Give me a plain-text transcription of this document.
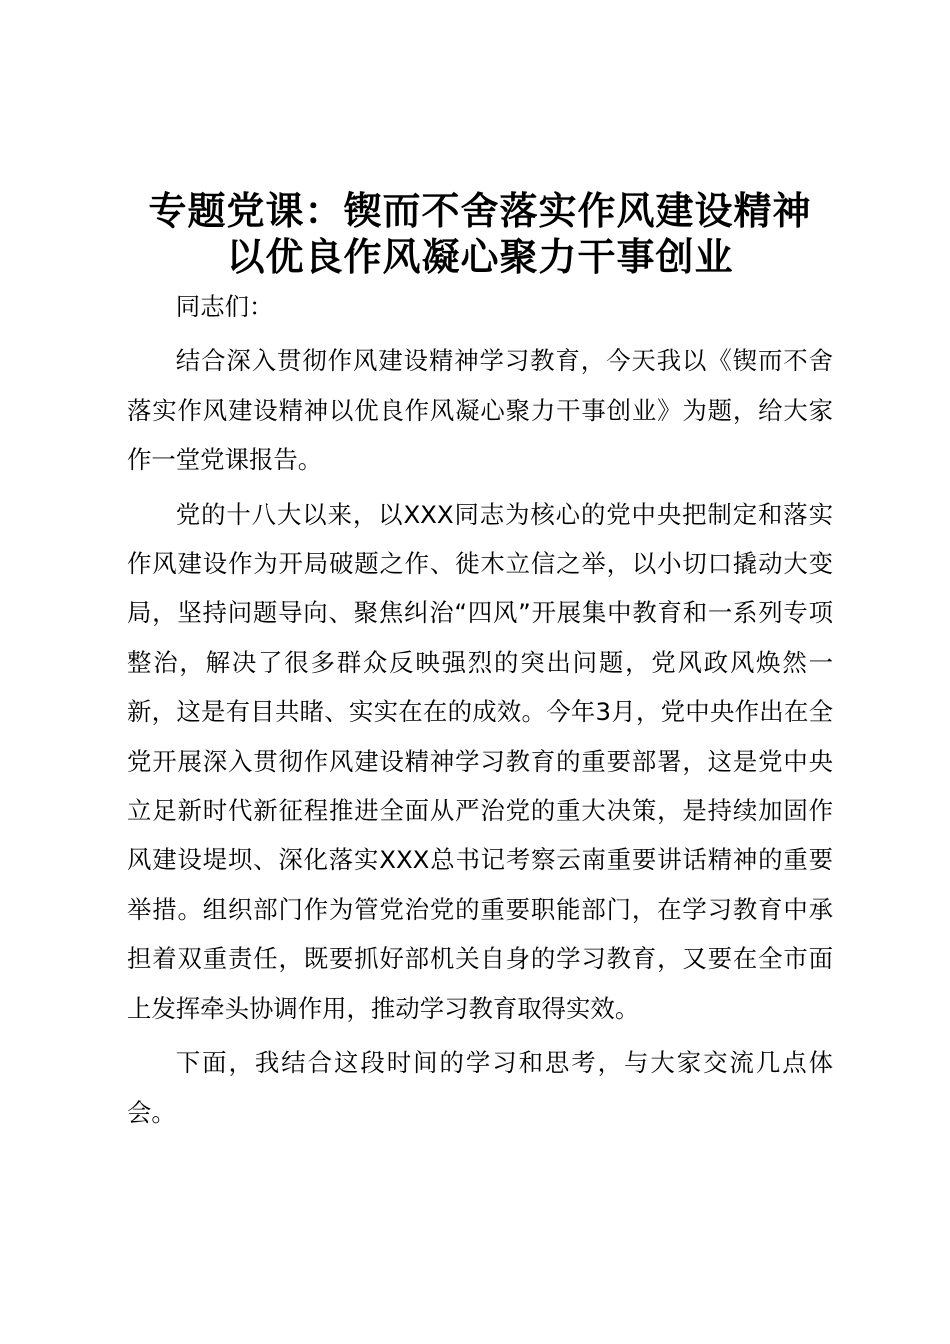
专题党课：锲而不舍落实作风建设精神
以优良作风凝心聚力干事创业

同志们：

结合深入贯彻作风建设精神学习教育，今天我以《锲而不舍落实作风建设精神以优良作风凝心聚力干事创业》为题，给大家作一堂党课报告。

党的十八大以来，以XXX同志为核心的党中央把制定和落实作风建设作为开局破题之作、徙木立信之举，以小切口撬动大变局，坚持问题导向、聚焦纠治“四风”开展集中教育和一系列专项整治，解决了很多群众反映强烈的突出问题，党风政风焕然一新，这是有目共睹、实实在在的成效。今年3月，党中央作出在全党开展深入贯彻作风建设精神学习教育的重要部署，这是党中央立足新时代新征程推进全面从严治党的重大决策，是持续加固作风建设堤坝、深化落实XXX总书记考察云南重要讲话精神的重要举措。组织部门作为管党治党的重要职能部门，在学习教育中承担着双重责任，既要抓好部机关自身的学习教育，又要在全市面上发挥牵头协调作用，推动学习教育取得实效。

下面，我结合这段时间的学习和思考，与大家交流几点体会。
